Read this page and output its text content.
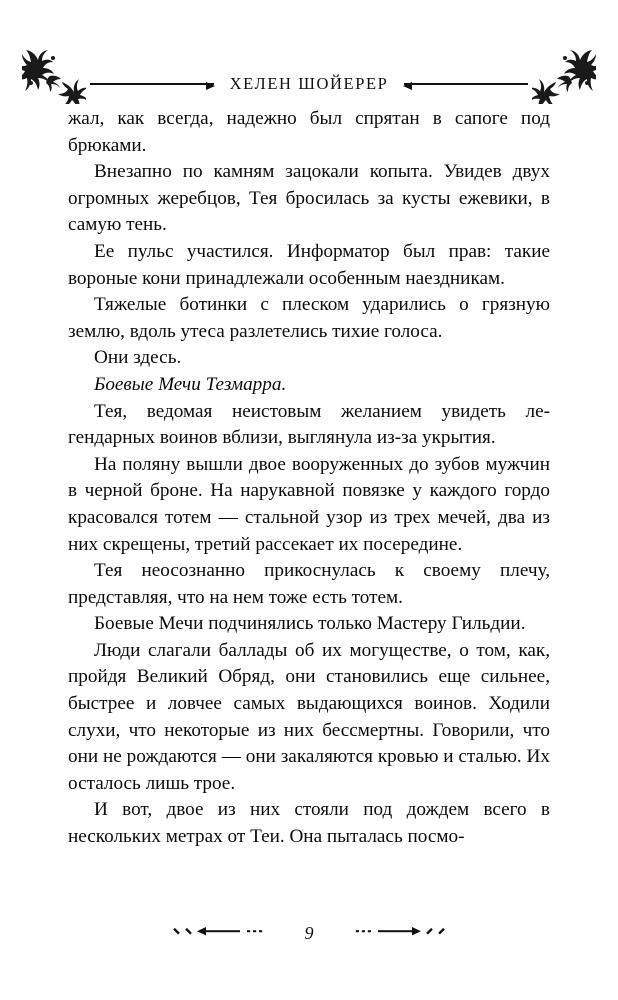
ХЕЛЕН ШОЙЕРЕР

жал, как всегда, надежно был спрятан в сапоге под брюками.

Внезапно по камням зацокали копыта. Увидев двух огромных жеребцов, Тея бросилась за кусты ежевики, в самую тень.

Ее пульс участился. Информатор был прав: такие вороные кони принадлежали особенным наездникам.

Тяжелые ботинки с плеском ударились о грязную землю, вдоль утеса разлетелись тихие голоса.

Они здесь.

Боевые Мечи Тезмарра.

Тея, ведомая неистовым желанием увидеть легендарных воинов вблизи, выглянула из-за укрытия.

На поляну вышли двое вооруженных до зубов мужчин в черной броне. На нарукавной повязке у каждого гордо красовался тотем — стальной узор из трех мечей, два из них скрещены, третий рассекает их посередине.

Тея неосознанно прикоснулась к своему плечу, представляя, что на нем тоже есть тотем.

Боевые Мечи подчинялись только Мастеру Гильдии.

Люди слагали баллады об их могуществе, о том, как, пройдя Великий Обряд, они становились еще сильнее, быстрее и ловчее самых выдающихся воинов. Ходили слухи, что некоторые из них бессмертны. Говорили, что они не рождаются — они закаляются кровью и сталью. Их осталось лишь трое.

И вот, двое из них стояли под дождем всего в нескольких метрах от Теи. Она пыталась посмо-

9
